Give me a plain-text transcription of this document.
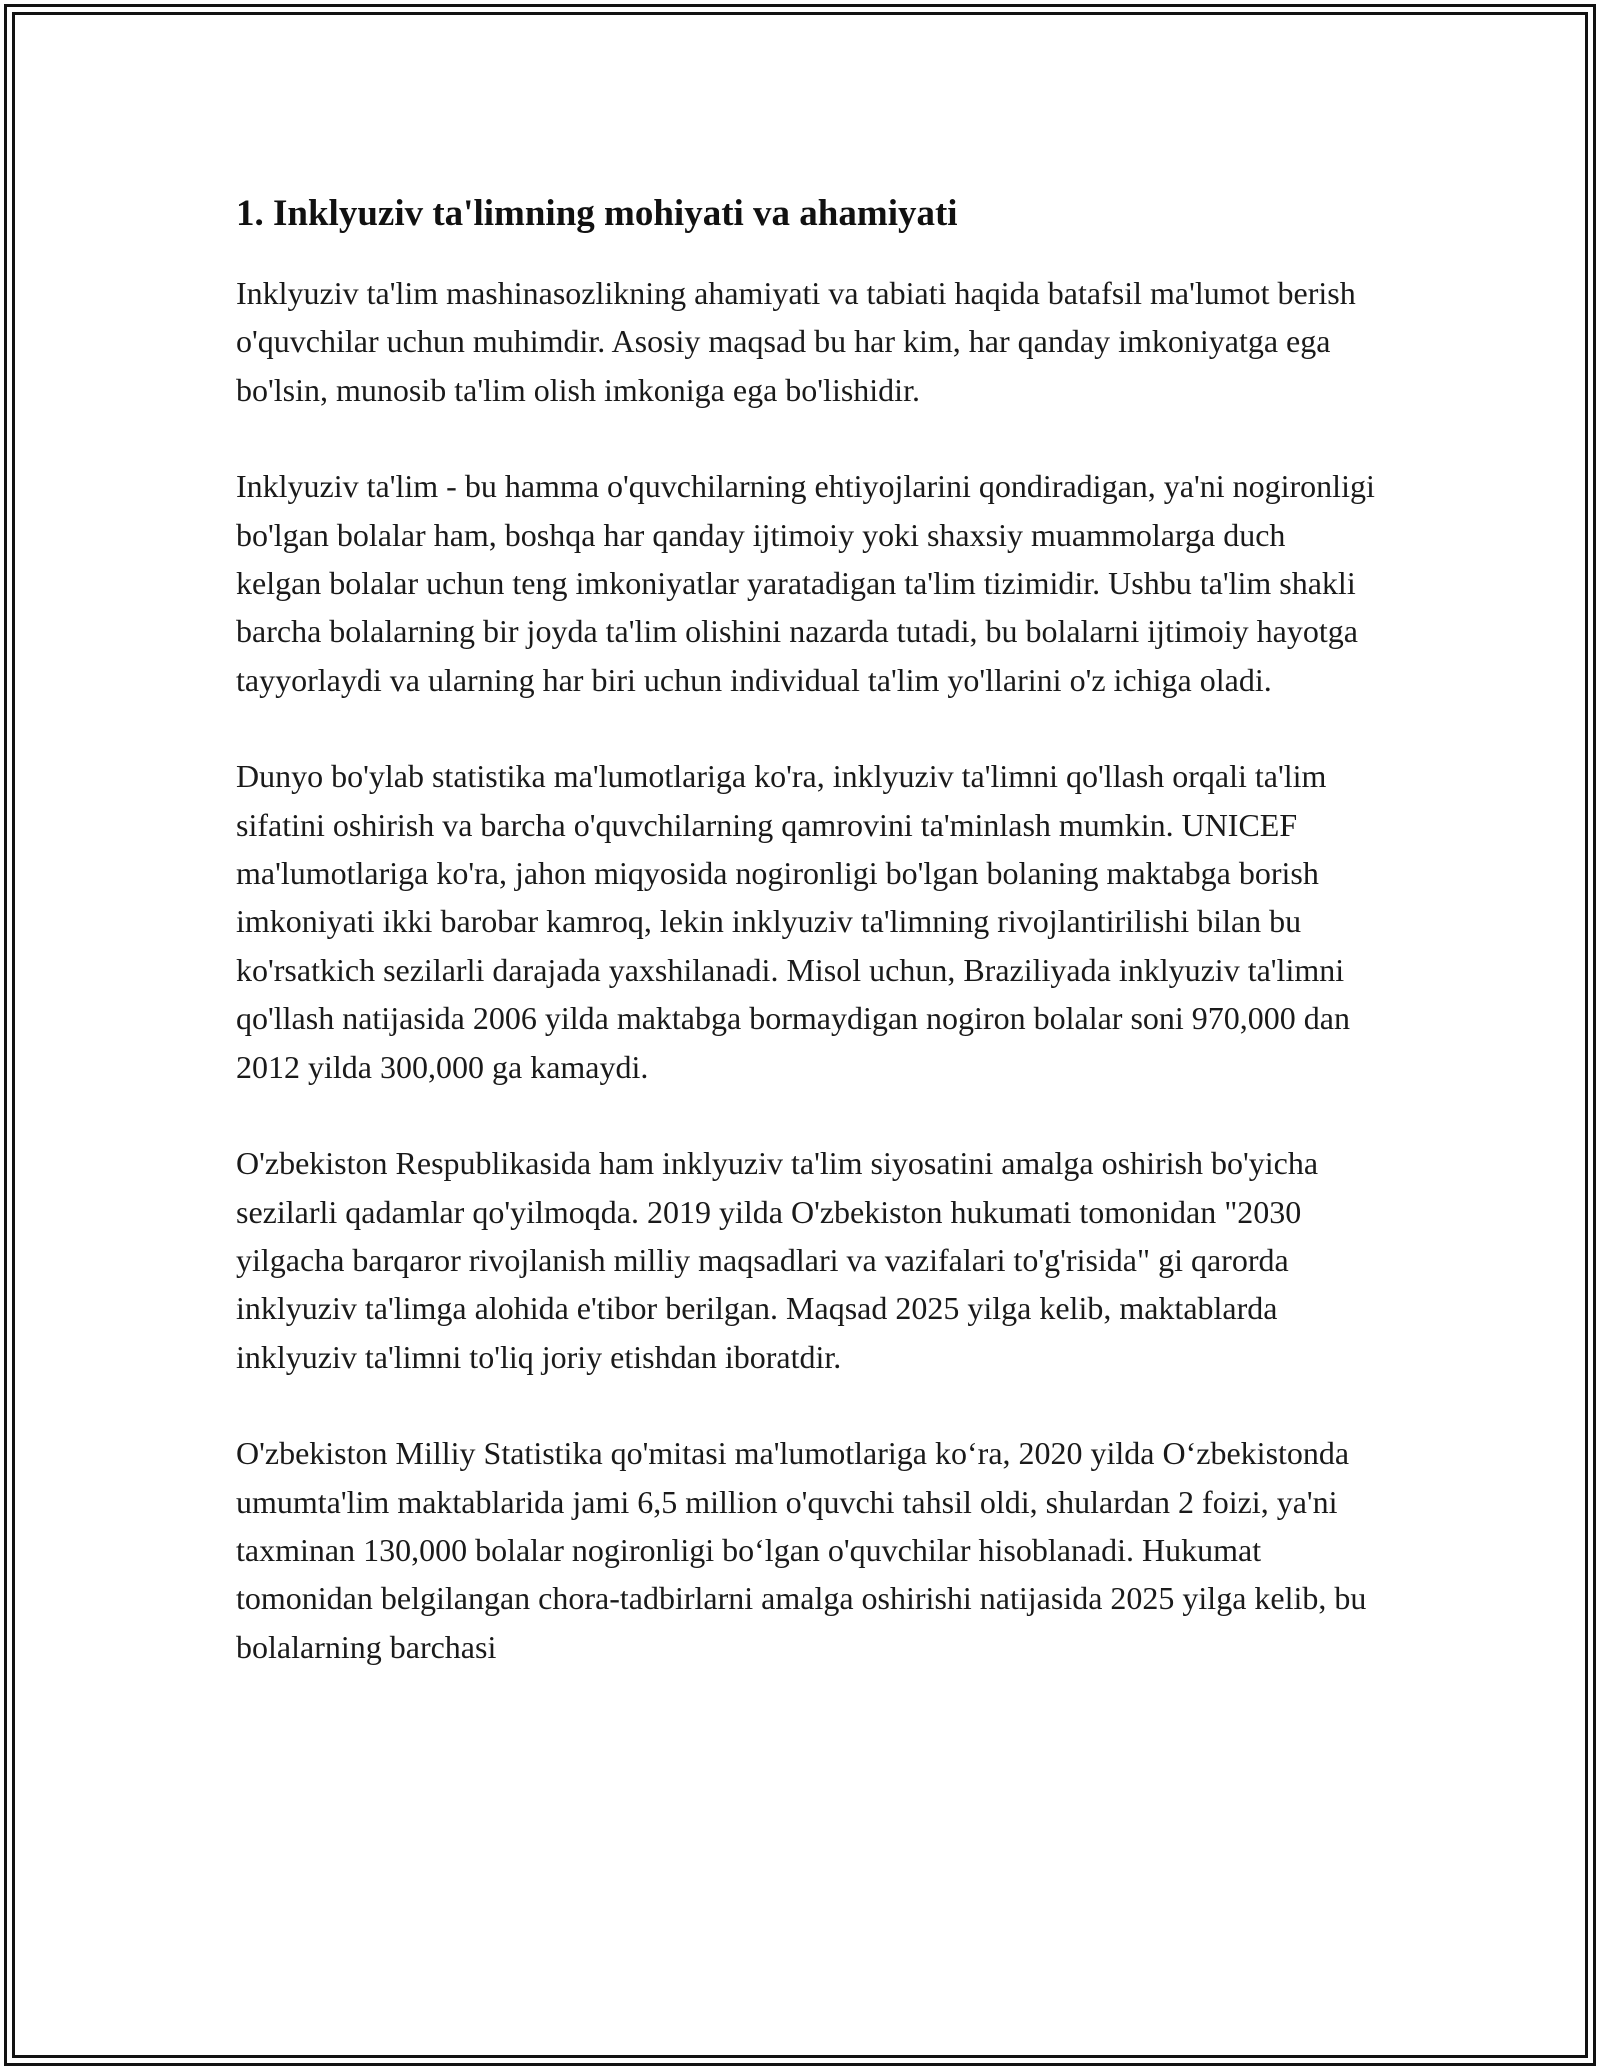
1. Inklyuziv ta'limning mohiyati va ahamiyati

Inklyuziv ta'lim mashinasozlikning ahamiyati va tabiati haqida batafsil ma'lumot berish o'quvchilar uchun muhimdir. Asosiy maqsad bu har kim, har qanday imkoniyatga ega bo'lsin, munosib ta'lim olish imkoniga ega bo'lishidir.

Inklyuziv ta'lim - bu hamma o'quvchilarning ehtiyojlarini qondiradigan, ya'ni nogironligi bo'lgan bolalar ham, boshqa har qanday ijtimoiy yoki shaxsiy muammolarga duch kelgan bolalar uchun teng imkoniyatlar yaratadigan ta'lim tizimidir. Ushbu ta'lim shakli barcha bolalarning bir joyda ta'lim olishini nazarda tutadi, bu bolalarni ijtimoiy hayotga tayyorlaydi va ularning har biri uchun individual ta'lim yo'llarini o'z ichiga oladi.

Dunyo bo'ylab statistika ma'lumotlariga ko'ra, inklyuziv ta'limni qo'llash orqali ta'lim sifatini oshirish va barcha o'quvchilarning qamrovini ta'minlash mumkin. UNICEF ma'lumotlariga ko'ra, jahon miqyosida nogironligi bo'lgan bolaning maktabga borish imkoniyati ikki barobar kamroq, lekin inklyuziv ta'limning rivojlantirilishi bilan bu ko'rsatkich sezilarli darajada yaxshilanadi. Misol uchun, Braziliyada inklyuziv ta'limni qo'llash natijasida 2006 yilda maktabga bormaydigan nogiron bolalar soni 970,000 dan 2012 yilda 300,000 ga kamaydi.

O'zbekiston Respublikasida ham inklyuziv ta'lim siyosatini amalga oshirish bo'yicha sezilarli qadamlar qo'yilmoqda. 2019 yilda O'zbekiston hukumati tomonidan "2030 yilgacha barqaror rivojlanish milliy maqsadlari va vazifalari to'g'risida" gi qarorda inklyuziv ta'limga alohida e'tibor berilgan. Maqsad 2025 yilga kelib, maktablarda inklyuziv ta'limni to'liq joriy etishdan iboratdir.

O'zbekiston Milliy Statistika qo'mitasi ma'lumotlariga ko‘ra, 2020 yilda O‘zbekistonda umumta'lim maktablarida jami 6,5 million o'quvchi tahsil oldi, shulardan 2 foizi, ya'ni taxminan 130,000 bolalar nogironligi bo‘lgan o'quvchilar hisoblanadi. Hukumat tomonidan belgilangan chora-tadbirlarni amalga oshirishi natijasida 2025 yilga kelib, bu bolalarning barchasi
